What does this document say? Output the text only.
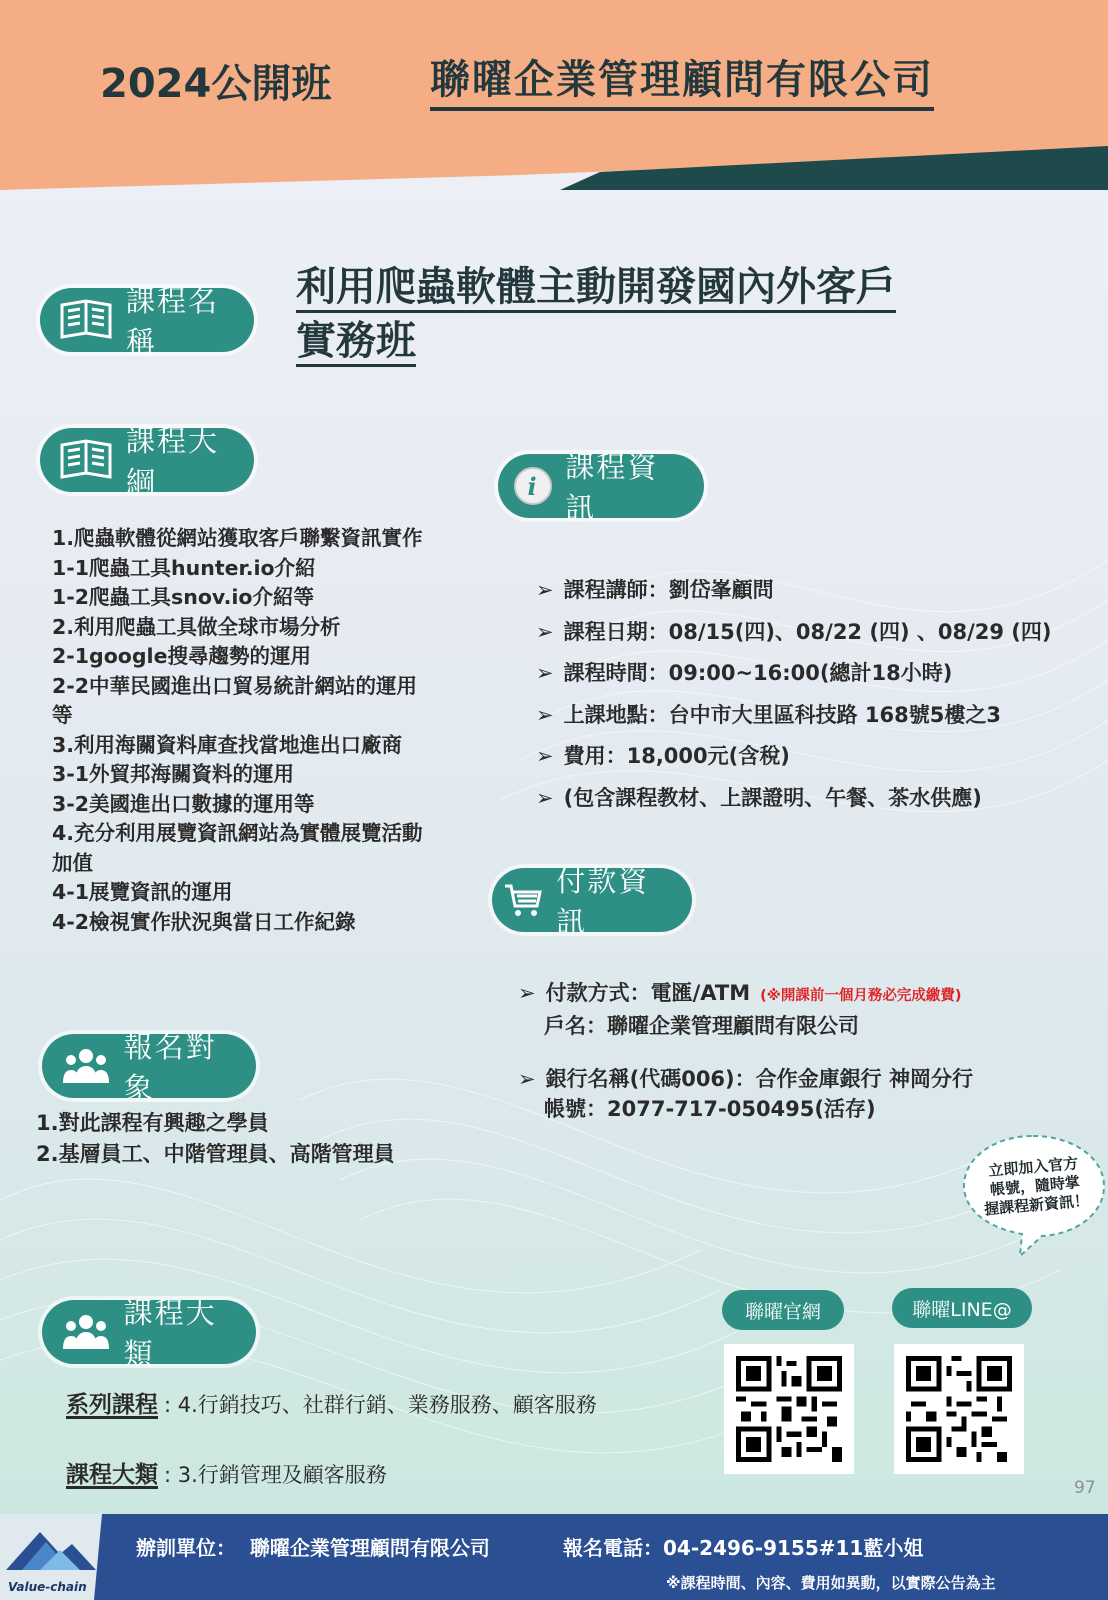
2024公開班 聯曜企業管理顧問有限公司
課程名稱
利用爬蟲軟體主動開發國內外客戶
實務班
課程大綱
1.爬蟲軟體從網站獲取客戶聯繫資訊實作
1-1爬蟲工具hunter.io介紹
1-2爬蟲工具snov.io介紹等
2.利用爬蟲工具做全球市場分析
2-1google搜尋趨勢的運用
2-2中華民國進出口貿易統計網站的運用
等
3.利用海關資料庫查找當地進出口廠商
3-1外貿邦海關資料的運用
3-2美國進出口數據的運用等
4.充分利用展覽資訊網站為實體展覽活動
加值
4-1展覽資訊的運用
4-2檢視實作狀況與當日工作紀錄
i
課程資訊
➢ 課程講師：劉岱峯顧問
➢ 課程日期：08/15(四)、08/22 (四) 、08/29 (四)
➢ 課程時間：09:00~16:00(總計18小時)
➢ 上課地點：台中市大里區科技路 168號5樓之3
➢ 費用：18,000元(含稅)
➢ (包含課程教材、上課證明、午餐、茶水供應)
付款資訊
➢ 付款方式：電匯/ATM (※開課前一個月務必完成繳費)
戶名：聯曜企業管理顧問有限公司
➢ 銀行名稱(代碼006)：合作金庫銀行 神岡分行
帳號：2077-717-050495(活存)
報名對象
1.對此課程有興趣之學員
2.基層員工、中階管理員、高階管理員
課程大類
系列課程 : 4.行銷技巧、社群行銷、業務服務、顧客服務
課程大類 : 3.行銷管理及顧客服務
立即加入官方
帳號，隨時掌
握課程新資訊！
聯曜官網	聯曜LINE@
97
Value-chain
辦訓單位：  聯曜企業管理顧問有限公司	報名電話：04-2496-9155#11藍小姐
※課程時間、內容、費用如異動，以實際公告為主
